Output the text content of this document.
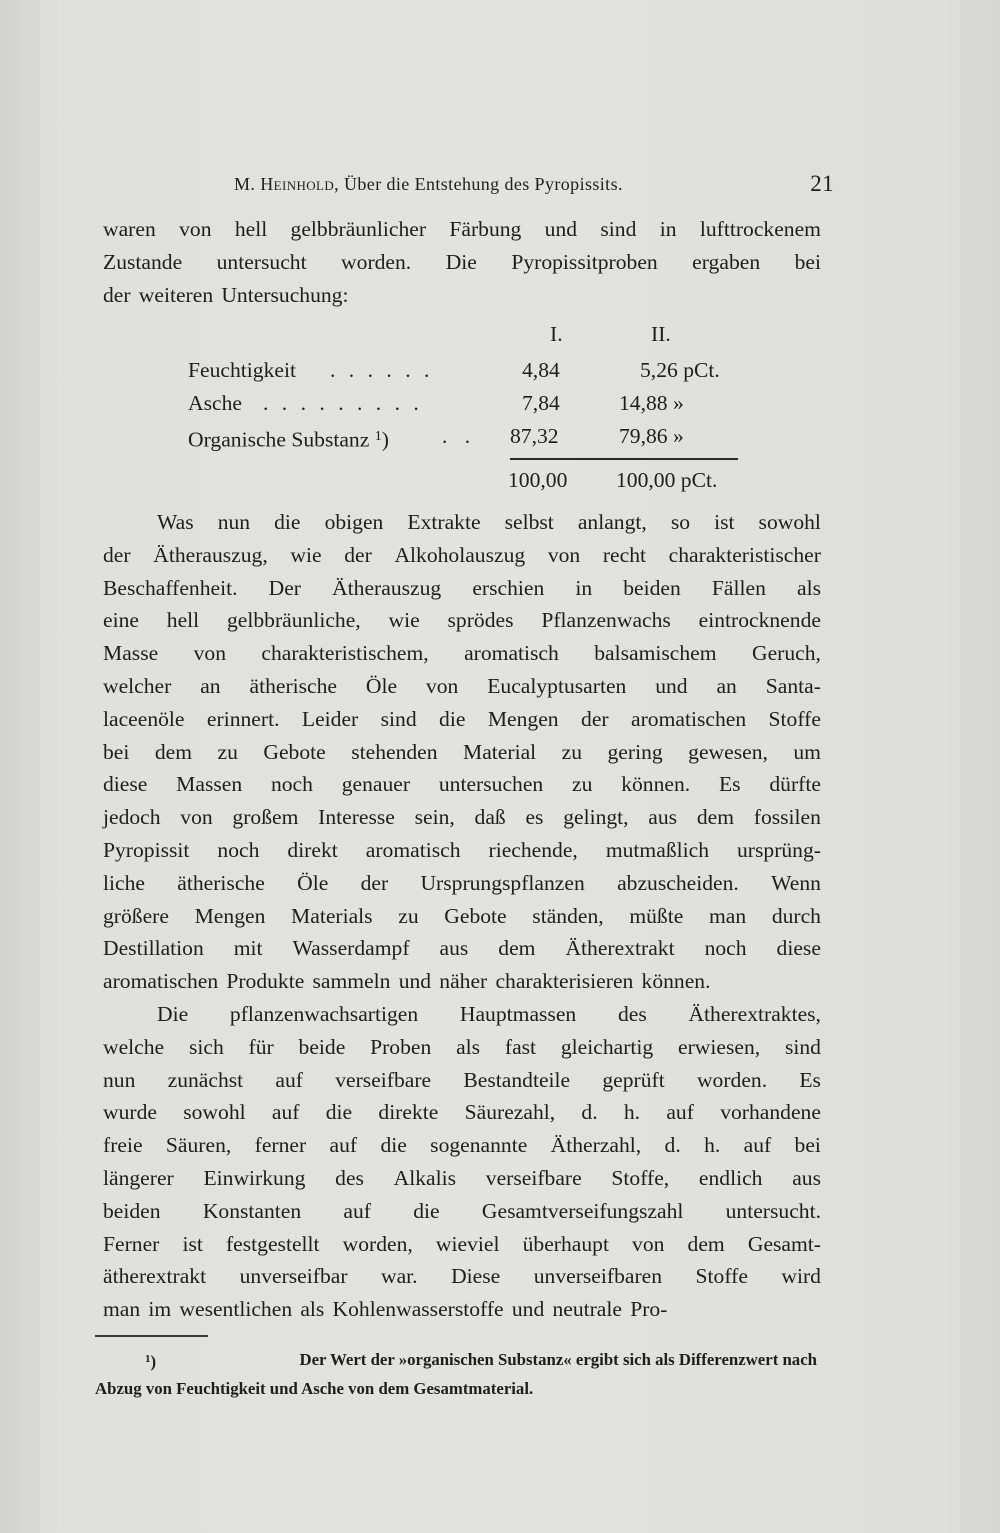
M. Heinhold, Über die Entstehung des Pyropissits.	21
waren von hell gelbbräunlicher Färbung und sind in lufttrockenem
Zustande untersucht worden. Die Pyropissitproben ergaben bei
der weiteren Untersuchung:
I.	II.
Feuchtigkeit . . . . . .	4,84	5,26 pCt.
Asche . . . . . . . . .	7,84	14,88 »
Organische Substanz $^1$) . . 87,32	79,86 »
100,00 100,00 pCt.
Was nun die obigen Extrakte selbst anlangt, so ist sowohl
der Ätherauszug, wie der Alkoholauszug von recht charakteristischer
Beschaffenheit. Der Ätherauszug erschien in beiden Fällen als
eine hell gelbbräunliche, wie sprödes Pflanzenwachs eintrocknende
Masse von charakteristischem, aromatisch balsamischem Geruch,
welcher an ätherische Öle von Eucalyptusarten und an Santa-
laceenöle erinnert. Leider sind die Mengen der aromatischen Stoffe
bei dem zu Gebote stehenden Material zu gering gewesen, um
diese Massen noch genauer untersuchen zu können. Es dürfte
jedoch von großem Interesse sein, daß es gelingt, aus dem fossilen
Pyropissit noch direkt aromatisch riechende, mutmaßlich ursprüng-
liche ätherische Öle der Ursprungspflanzen abzuscheiden. Wenn
größere Mengen Materials zu Gebote ständen, müßte man durch
Destillation mit Wasserdampf aus dem Ätherextrakt noch diese
aromatischen Produkte sammeln und näher charakterisieren können.
Die pflanzenwachsartigen Hauptmassen des Ätherextraktes,
welche sich für beide Proben als fast gleichartig erwiesen, sind
nun zunächst auf verseifbare Bestandteile geprüft worden. Es
wurde sowohl auf die direkte Säurezahl, d. h. auf vorhandene
freie Säuren, ferner auf die sogenannte Ätherzahl, d. h. auf bei
längerer Einwirkung des Alkalis verseifbare Stoffe, endlich aus
beiden Konstanten auf die Gesamtverseifungszahl untersucht.
Ferner ist festgestellt worden, wieviel überhaupt von dem Gesamt-
ätherextrakt unverseifbar war. Diese unverseifbaren Stoffe wird
man im wesentlichen als Kohlenwasserstoffe und neutrale Pro-
$^1$)	Der Wert der »organischen Substanz« ergibt sich als Differenzwert nach
Abzug von Feuchtigkeit und Asche von dem Gesamtmaterial.
